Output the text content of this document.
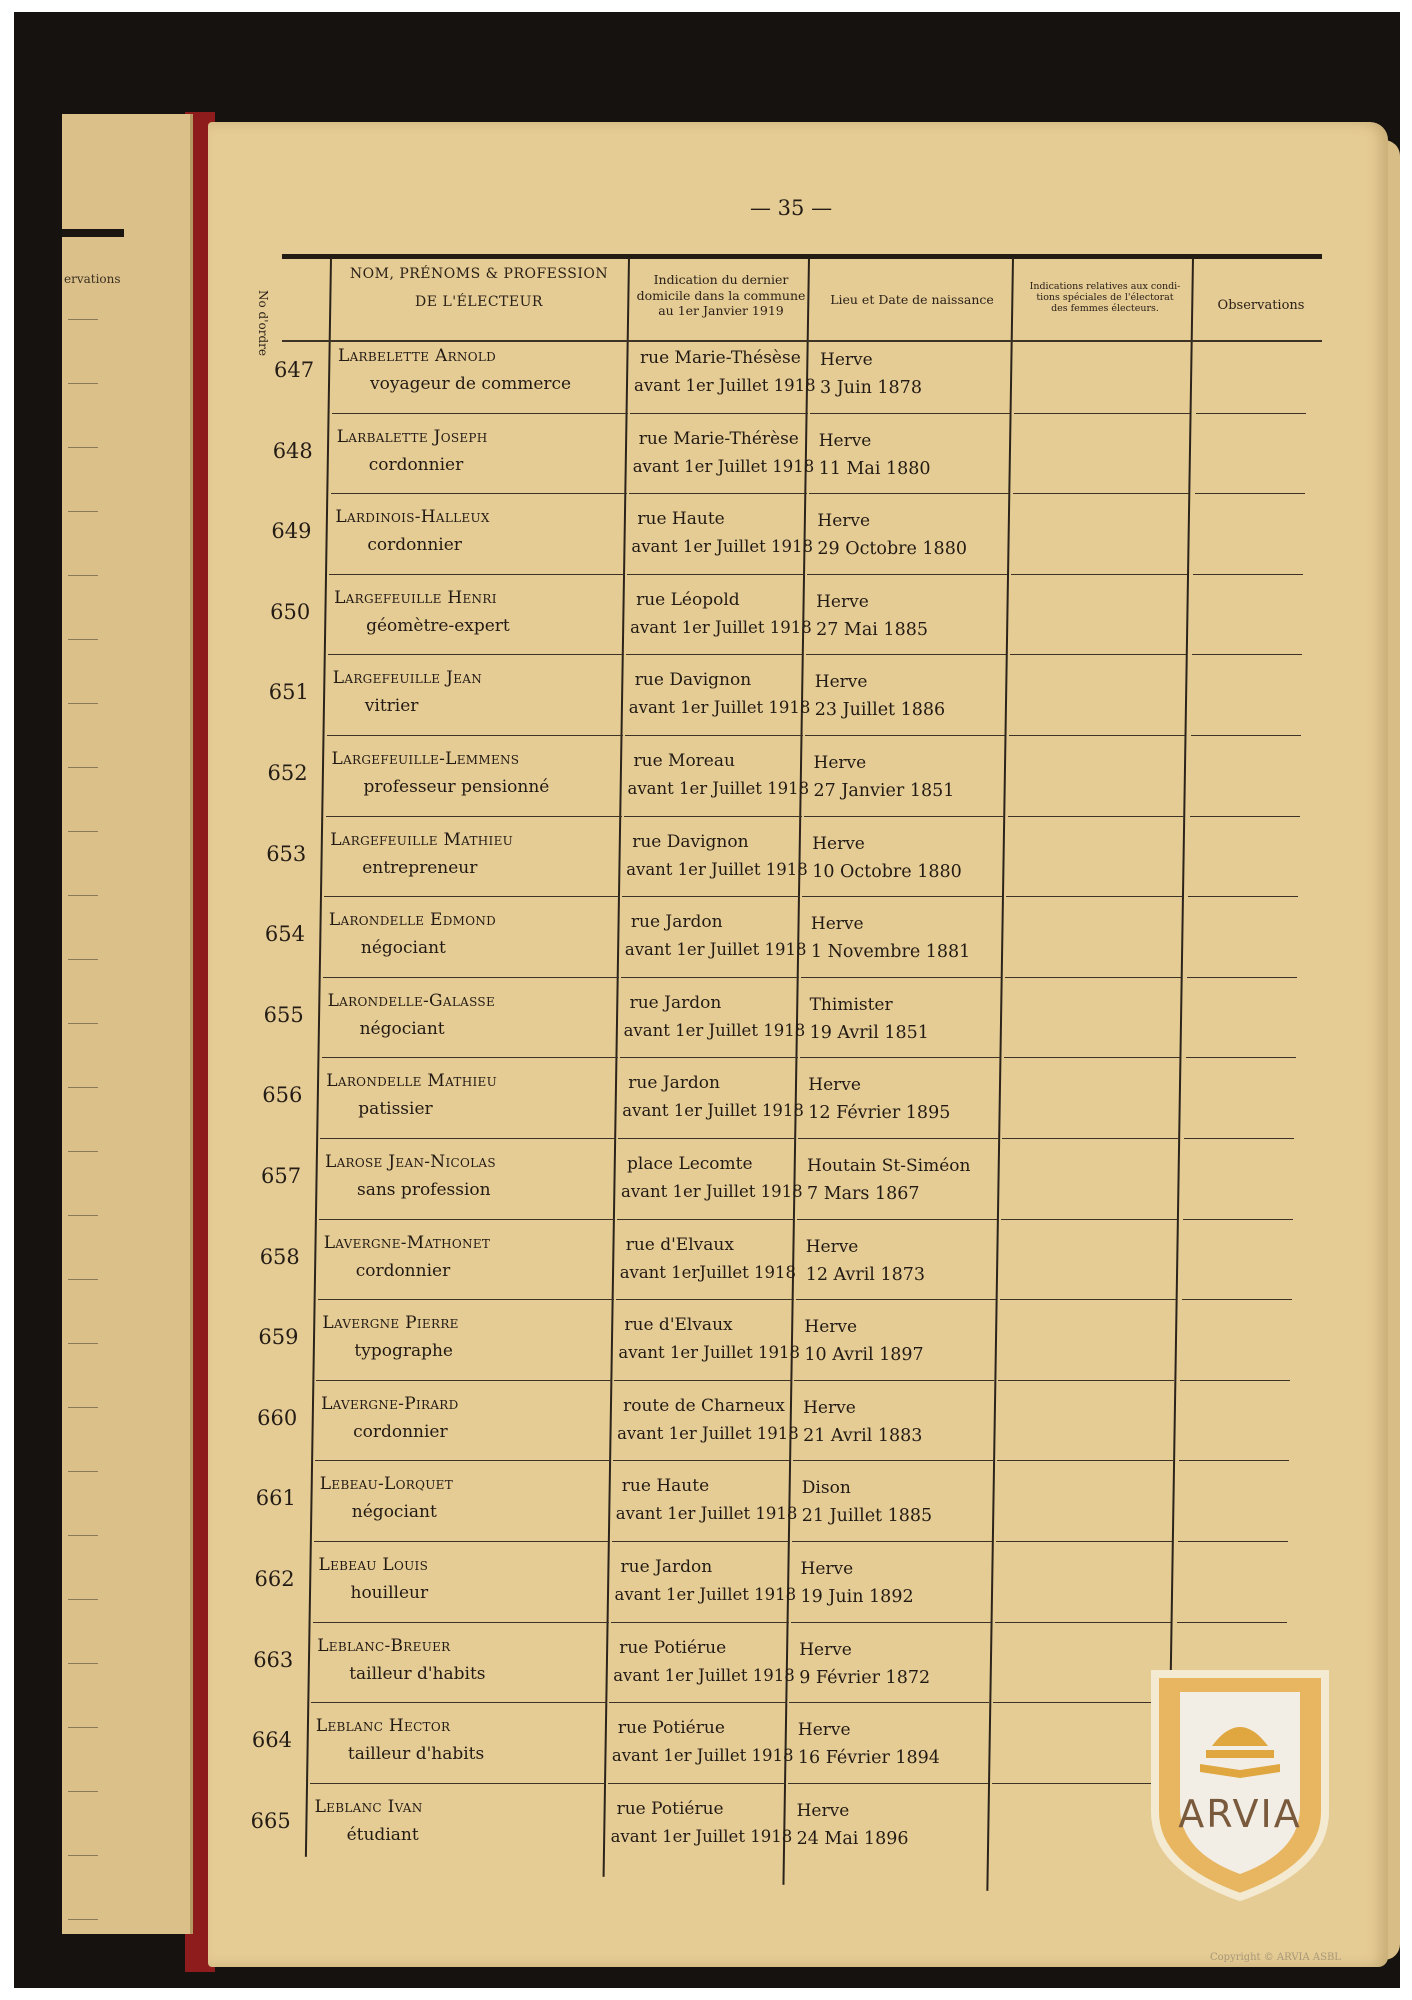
ervations
— 35 —
No d'ordre
NOM, PRÉNOMS & PROFESSION
DE L'ÉLECTEUR
Indication du dernier
domicile dans la commune
au 1er Janvier 1919
Lieu et Date de naissance
Indications relatives aux condi-
tions spéciales de l'électorat
des femmes électeurs.	Observations
647
Larbelette Arnold
voyageur de commerce
rue Marie-Thésèse
avant 1er Juillet 1918
Herve
3 Juin 1878
648
Larbalette Joseph
cordonnier
rue Marie-Thérèse
avant 1er Juillet 1918
Herve
11 Mai 1880
649
Lardinois-Halleux
cordonnier
rue Haute
avant 1er Juillet 1918
Herve
29 Octobre 1880
650
Largefeuille Henri
géomètre-expert
rue Léopold
avant 1er Juillet 1918
Herve
27 Mai 1885
651
Largefeuille Jean
vitrier
rue Davignon
avant 1er Juillet 1918
Herve
23 Juillet 1886
652
Largefeuille-Lemmens
professeur pensionné
rue Moreau
avant 1er Juillet 1918
Herve
27 Janvier 1851
653
Largefeuille Mathieu
entrepreneur
rue Davignon
avant 1er Juillet 1918
Herve
10 Octobre 1880
654
Larondelle Edmond
négociant
rue Jardon
avant 1er Juillet 1918
Herve
1 Novembre 1881
655
Larondelle-Galasse
négociant
rue Jardon
avant 1er Juillet 1918
Thimister
19 Avril 1851
656
Larondelle Mathieu
patissier
rue Jardon
avant 1er Juillet 1918
Herve
12 Février 1895
657
Larose Jean-Nicolas
sans profession
place Lecomte
avant 1er Juillet 1918
Houtain St-Siméon
7 Mars 1867
658
Lavergne-Mathonet
cordonnier
rue d'Elvaux
avant 1erJuillet 1918
Herve
12 Avril 1873
659
Lavergne Pierre
typographe
rue d'Elvaux
avant 1er Juillet 1918
Herve
10 Avril 1897
660
Lavergne-Pirard
cordonnier
route de Charneux
avant 1er Juillet 1918
Herve
21 Avril 1883
661
Lebeau-Lorquet
négociant
rue Haute
avant 1er Juillet 1918
Dison
21 Juillet 1885
662
Lebeau Louis
houilleur
rue Jardon
avant 1er Juillet 1918
Herve
19 Juin 1892
663
Leblanc-Breuer
tailleur d'habits
rue Potiérue
avant 1er Juillet 1918
Herve
9 Février 1872
664
Leblanc Hector
tailleur d'habits
rue Potiérue
avant 1er Juillet 1918
Herve
16 Février 1894
665
Leblanc Ivan
étudiant
rue Potiérue
avant 1er Juillet 1918
Herve
24 Mai 1896
ARVIA
Copyright © ARVIA ASBL
